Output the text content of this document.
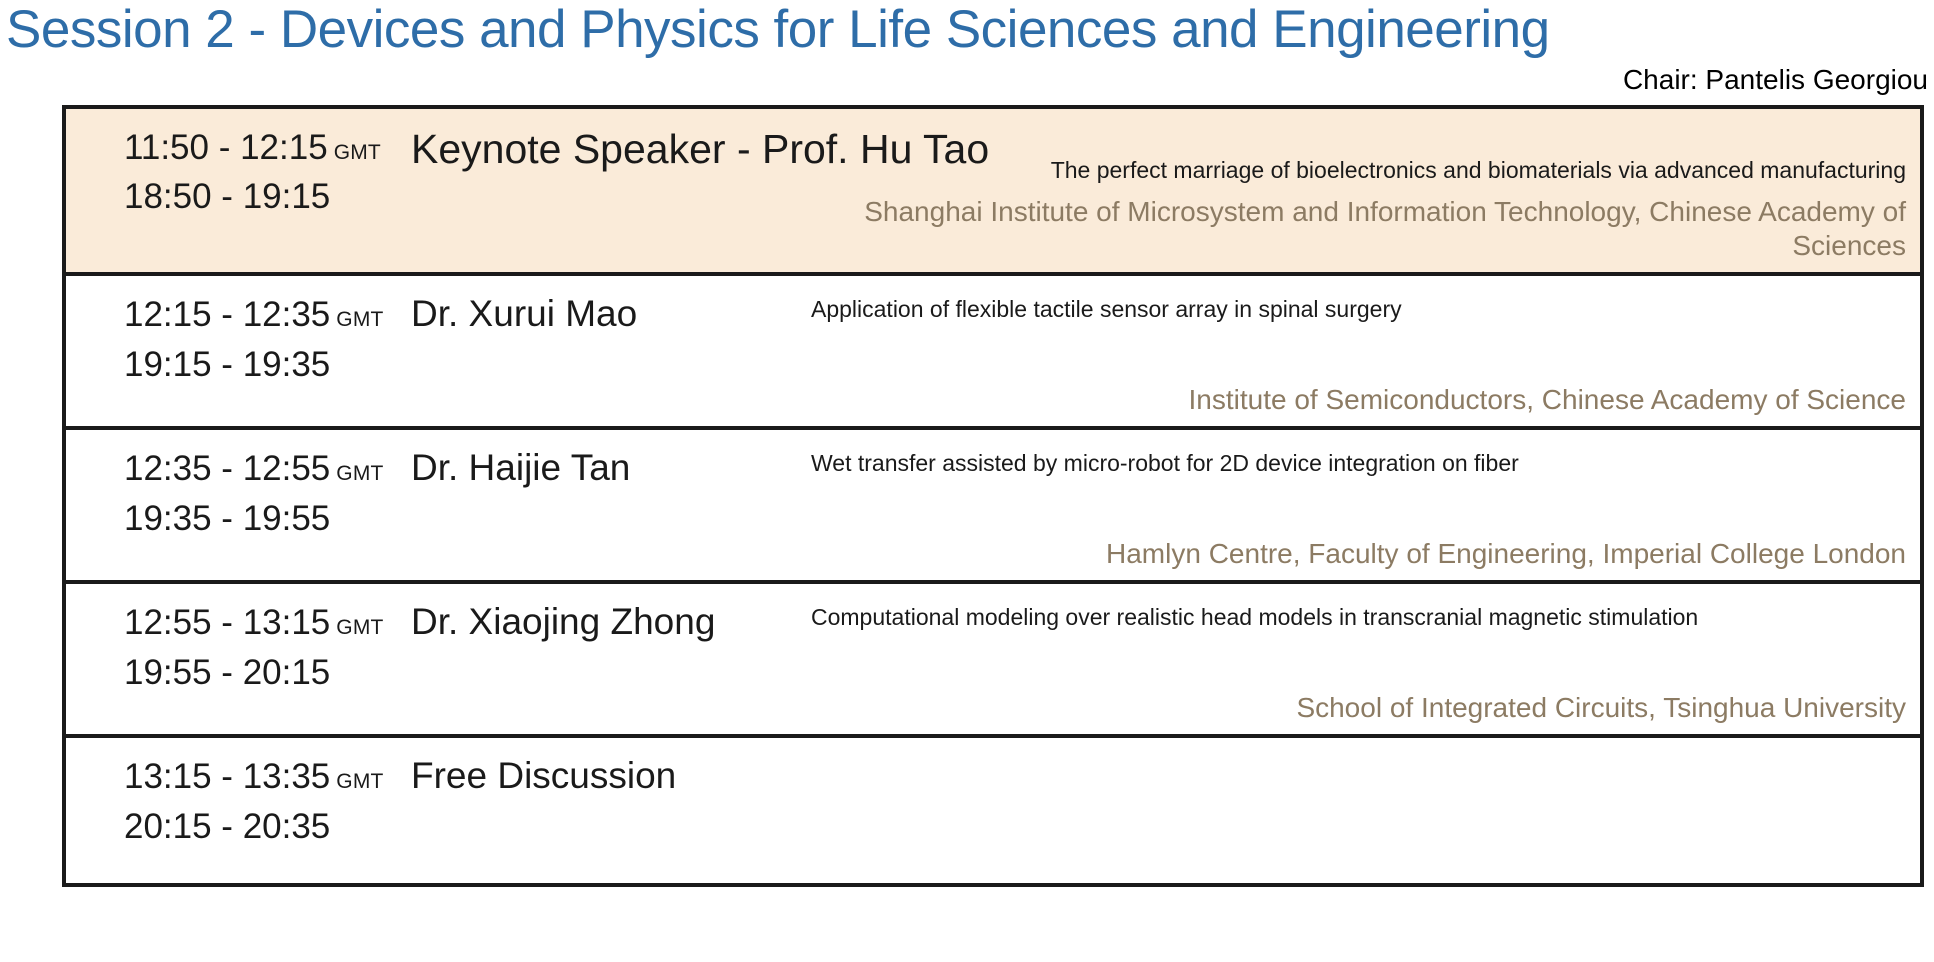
Session 2 - Devices and Physics for Life Sciences and Engineering
Chair: Pantelis Georgiou
11:50 - 12:15 GMT
18:50 - 19:15
Keynote Speaker - Prof. Hu Tao	The perfect marriage of bioelectronics and biomaterials via advanced manufacturing
Shanghai Institute of Microsystem and Information Technology, Chinese Academy of Sciences
12:15 - 12:35 GMT
19:15 - 19:35
Dr. Xurui Mao	Application of flexible tactile sensor array in spinal surgery
Institute of Semiconductors, Chinese Academy of Science
12:35 - 12:55 GMT
19:35 - 19:55
Dr. Haijie Tan	Wet transfer assisted by micro-robot for 2D device integration on fiber
Hamlyn Centre, Faculty of Engineering, Imperial College London
12:55 - 13:15 GMT
19:55 - 20:15
Dr. Xiaojing Zhong	Computational modeling over realistic head models in transcranial magnetic stimulation
School of Integrated Circuits, Tsinghua University
13:15 - 13:35 GMT
20:15 - 20:35
Free Discussion
